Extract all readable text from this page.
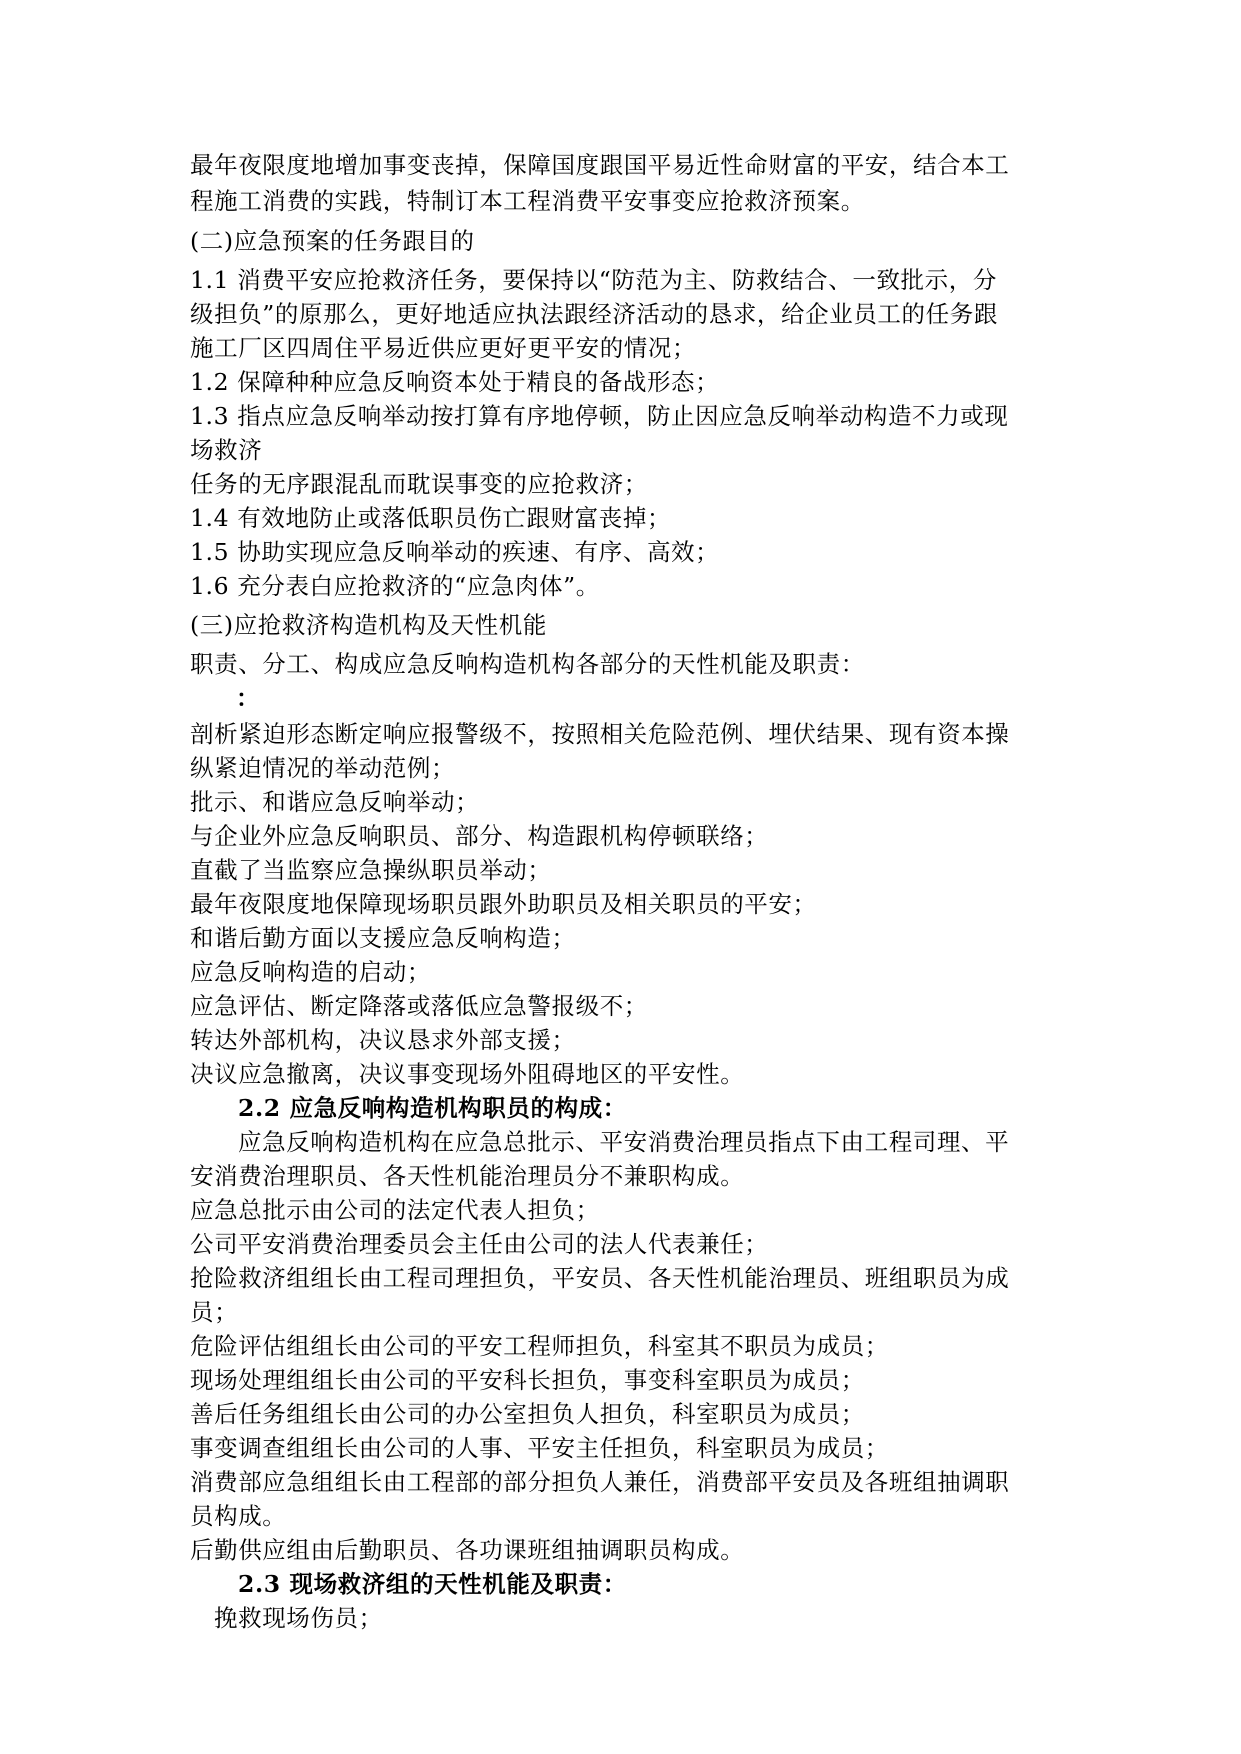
最年夜限度地增加事变丧掉，保障国度跟国平易近性命财富的平安，结合本工
程施工消费的实践，特制订本工程消费平安事变应抢救济预案。
(二)应急预案的任务跟目的
1.1 消费平安应抢救济任务，要保持以“防范为主、防救结合、一致批示，分
级担负”的原那么，更好地适应执法跟经济活动的恳求，给企业员工的任务跟
施工厂区四周住平易近供应更好更平安的情况；
1.2 保障种种应急反响资本处于精良的备战形态；
1.3 指点应急反响举动按打算有序地停顿，防止因应急反响举动构造不力或现
场救济
任务的无序跟混乱而耽误事变的应抢救济；
1.4 有效地防止或落低职员伤亡跟财富丧掉；
1.5 协助实现应急反响举动的疾速、有序、高效；
1.6 充分表白应抢救济的“应急肉体”。
(三)应抢救济构造机构及天性机能
职责、分工、构成应急反响构造机构各部分的天性机能及职责：
：
剖析紧迫形态断定响应报警级不，按照相关危险范例、埋伏结果、现有资本操
纵紧迫情况的举动范例；
批示、和谐应急反响举动；
与企业外应急反响职员、部分、构造跟机构停顿联络；
直截了当监察应急操纵职员举动；
最年夜限度地保障现场职员跟外助职员及相关职员的平安；
和谐后勤方面以支援应急反响构造；
应急反响构造的启动；
应急评估、断定降落或落低应急警报级不；
转达外部机构，决议恳求外部支援；
决议应急撤离，决议事变现场外阻碍地区的平安性。
2.2 应急反响构造机构职员的构成：
应急反响构造机构在应急总批示、平安消费治理员指点下由工程司理、平
安消费治理职员、各天性机能治理员分不兼职构成。
应急总批示由公司的法定代表人担负；
公司平安消费治理委员会主任由公司的法人代表兼任；
抢险救济组组长由工程司理担负，平安员、各天性机能治理员、班组职员为成
员；
危险评估组组长由公司的平安工程师担负，科室其不职员为成员；
现场处理组组长由公司的平安科长担负，事变科室职员为成员；
善后任务组组长由公司的办公室担负人担负，科室职员为成员；
事变调查组组长由公司的人事、平安主任担负，科室职员为成员；
消费部应急组组长由工程部的部分担负人兼任，消费部平安员及各班组抽调职
员构成。
后勤供应组由后勤职员、各功课班组抽调职员构成。
2.3 现场救济组的天性机能及职责：
挽救现场伤员；
